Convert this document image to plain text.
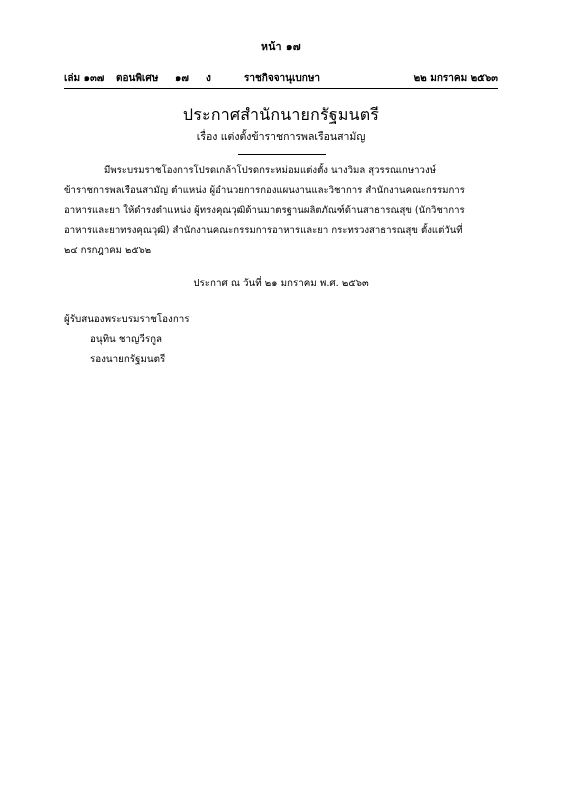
หน้า ๑๗
เล่ม ๑๓๗ ตอนพิเศษ ๑๗ ง	ราชกิจจานุเบกษา	๒๒ มกราคม ๒๕๖๓
ประกาศสำนักนายกรัฐมนตรี
เรื่อง แต่งตั้งข้าราชการพลเรือนสามัญ
มีพระบรมราชโองการโปรดเกล้าโปรดกระหม่อมแต่งตั้ง นางวิมล สุวรรณเกษาวงษ์
ข้าราชการพลเรือนสามัญ ตำแหน่ง ผู้อำนวยการกองแผนงานและวิชาการ สำนักงานคณะกรรมการ
อาหารและยา ให้ดำรงตำแหน่ง ผู้ทรงคุณวุฒิด้านมาตรฐานผลิตภัณฑ์ด้านสาธารณสุข (นักวิชาการ
อาหารและยาทรงคุณวุฒิ) สำนักงานคณะกรรมการอาหารและยา กระทรวงสาธารณสุข ตั้งแต่วันที่
๒๔ กรกฎาคม ๒๕๖๒
ประกาศ ณ วันที่ ๒๑ มกราคม พ.ศ. ๒๕๖๓
ผู้รับสนองพระบรมราชโองการ
อนุทิน ชาญวีรกูล
รองนายกรัฐมนตรี
